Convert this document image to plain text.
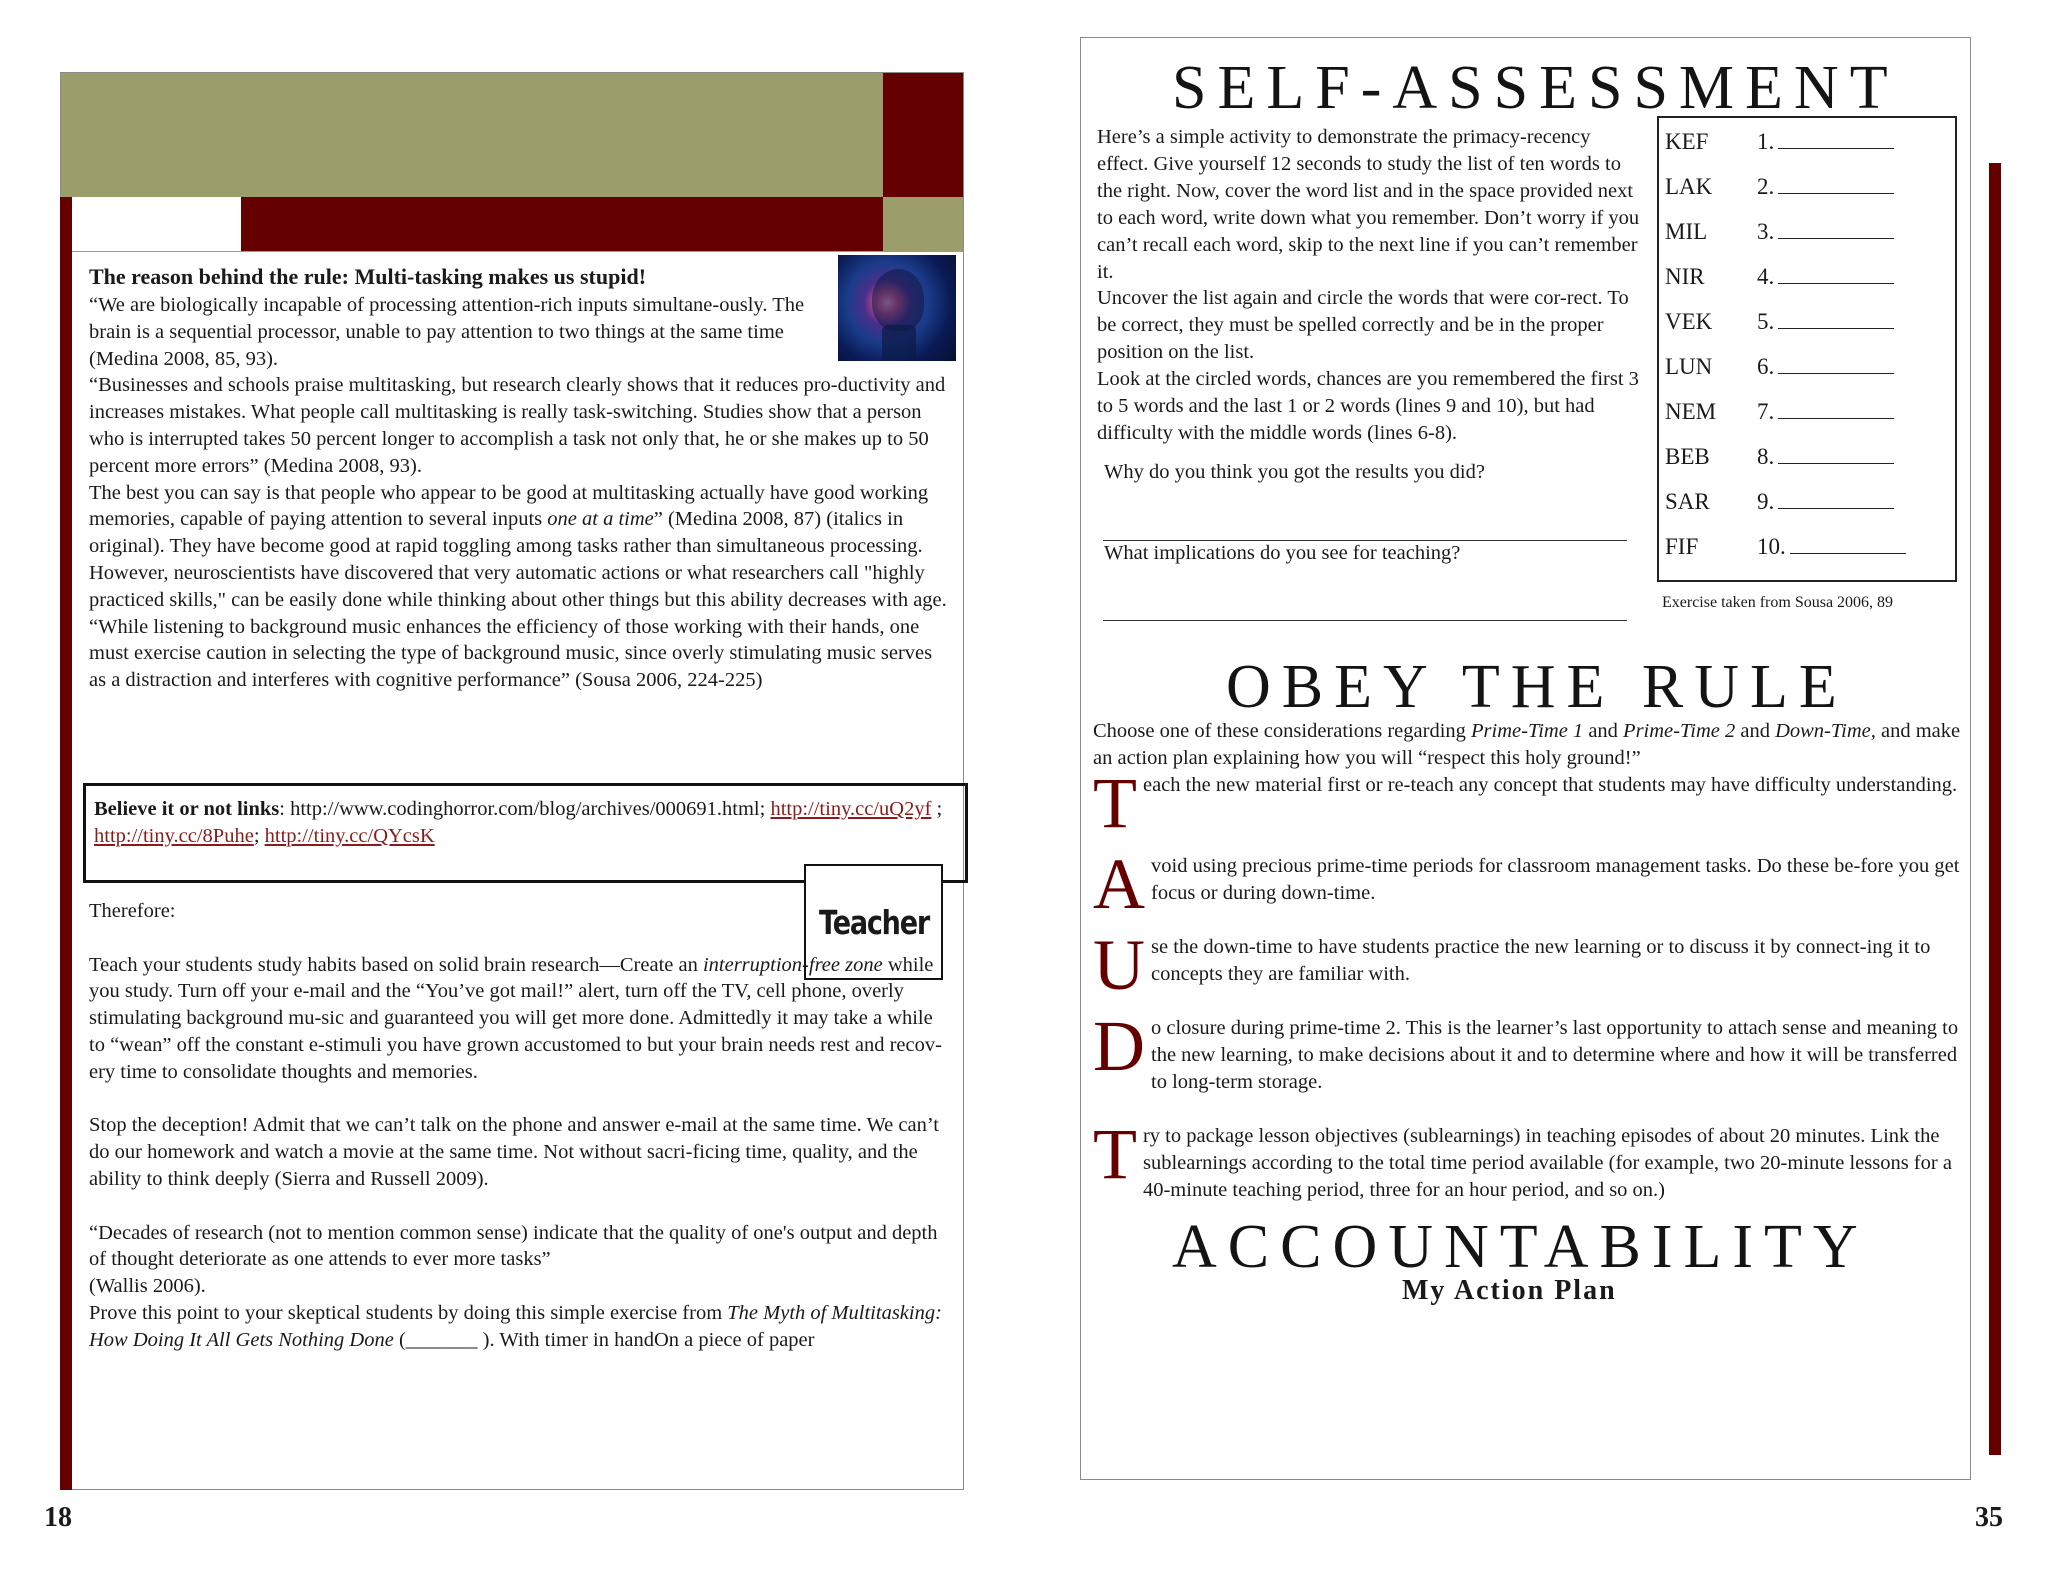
The reason behind the rule: Multi-tasking makes us stupid!

“We are biologically incapable of processing attention-rich inputs simultane-ously. The brain is a sequential processor, unable to pay attention to two things at the same time (Medina 2008, 85, 93).

“Businesses and schools praise multitasking, but research clearly shows that it reduces pro-ductivity and increases mistakes. What people call multitasking is really task-switching. Studies show that a person who is interrupted takes 50 percent longer to accomplish a task not only that, he or she makes up to 50 percent more errors” (Medina 2008, 93).

The best you can say is that people who appear to be good at multitasking actually have good working memories, capable of paying attention to several inputs one at a time” (Medina 2008, 87) (italics in original). They have become good at rapid toggling among tasks rather than simultaneous processing.

However, neuroscientists have discovered that very automatic actions or what researchers call "highly practiced skills," can be easily done while thinking about other things but this ability decreases with age.

“While listening to background music enhances the efficiency of those working with their hands, one must exercise caution in selecting the type of background music, since overly stimulating music serves as a distraction and interferes with cognitive performance” (Sousa 2006, 224-225)

Believe it or not links: http://www.codinghorror.com/blog/archives/000691.html; http://tiny.cc/uQ2yf ; http://tiny.cc/8Puhe; http://tiny.cc/QYcsK
Teacher

Therefore:

Teach your students study habits based on solid brain research—Create an interruption-free zone while you study. Turn off your e-mail and the “You’ve got mail!” alert, turn off the TV, cell phone, overly stimulating background mu-sic and guaranteed you will get more done. Admittedly it may take a while to “wean” off the constant e-stimuli you have grown accustomed to but your brain needs rest and recov-ery time to consolidate thoughts and memories.

Stop the deception! Admit that we can’t talk on the phone and answer e-mail at the same time. We can’t do our homework and watch a movie at the same time. Not without sacri-ficing time, quality, and the ability to think deeply (Sierra and Russell 2009).

“Decades of research (not to mention common sense) indicate that the quality of one's output and depth of thought deteriorate as one attends to ever more tasks”

(Wallis 2006).

Prove this point to your skeptical students by doing this simple exercise from The Myth of Multitasking: How Doing It All Gets Nothing Done (_______ ). With timer in handOn a piece of paper

18
SELF-ASSESSMENT

Here’s a simple activity to demonstrate the primacy-recency effect. Give yourself 12 seconds to study the list of ten words to the right. Now, cover the word list and in the space provided next to each word, write down what you remember. Don’t worry if you can’t recall each word, skip to the next line if you can’t remember it.

Uncover the list again and circle the words that were cor-rect. To be correct, they must be spelled correctly and be in the proper position on the list.

Look at the circled words, chances are you remembered the first 3 to 5 words and the last 1 or 2 words (lines 9 and 10), but had difficulty with the middle words (lines 6-8).

Why do you think you got the results you did?
What implications do you see for teaching?
KEF 1.
LAK 2.
MIL 3.
NIR 4.
VEK 5.
LUN 6.
NEM 7.
BEB 8.
SAR 9.
FIF	10.
Exercise taken from Sousa 2006, 89
OBEY THE RULE

Choose one of these considerations regarding Prime-Time 1 and Prime-Time 2 and Down-Time, and make an action plan explaining how you will “respect this holy ground!”

T each the new material first or re-teach any concept that students may have difficulty understanding.

A void using precious prime-time periods for classroom management tasks. Do these be-fore you get focus or during down-time.

U se the down-time to have students practice the new learning or to discuss it by connect-ing it to concepts they are familiar with.

D o closure during prime-time 2. This is the learner’s last opportunity to attach sense and meaning to the new learning, to make decisions about it and to determine where and how it will be transferred to long-term storage.

T ry to package lesson objectives (sublearnings) in teaching episodes of about 20 minutes. Link the sublearnings according to the total time period available (for example, two 20-minute lessons for a 40-minute teaching period, three for an hour period, and so on.)

ACCOUNTABILITY
My Action Plan
35
